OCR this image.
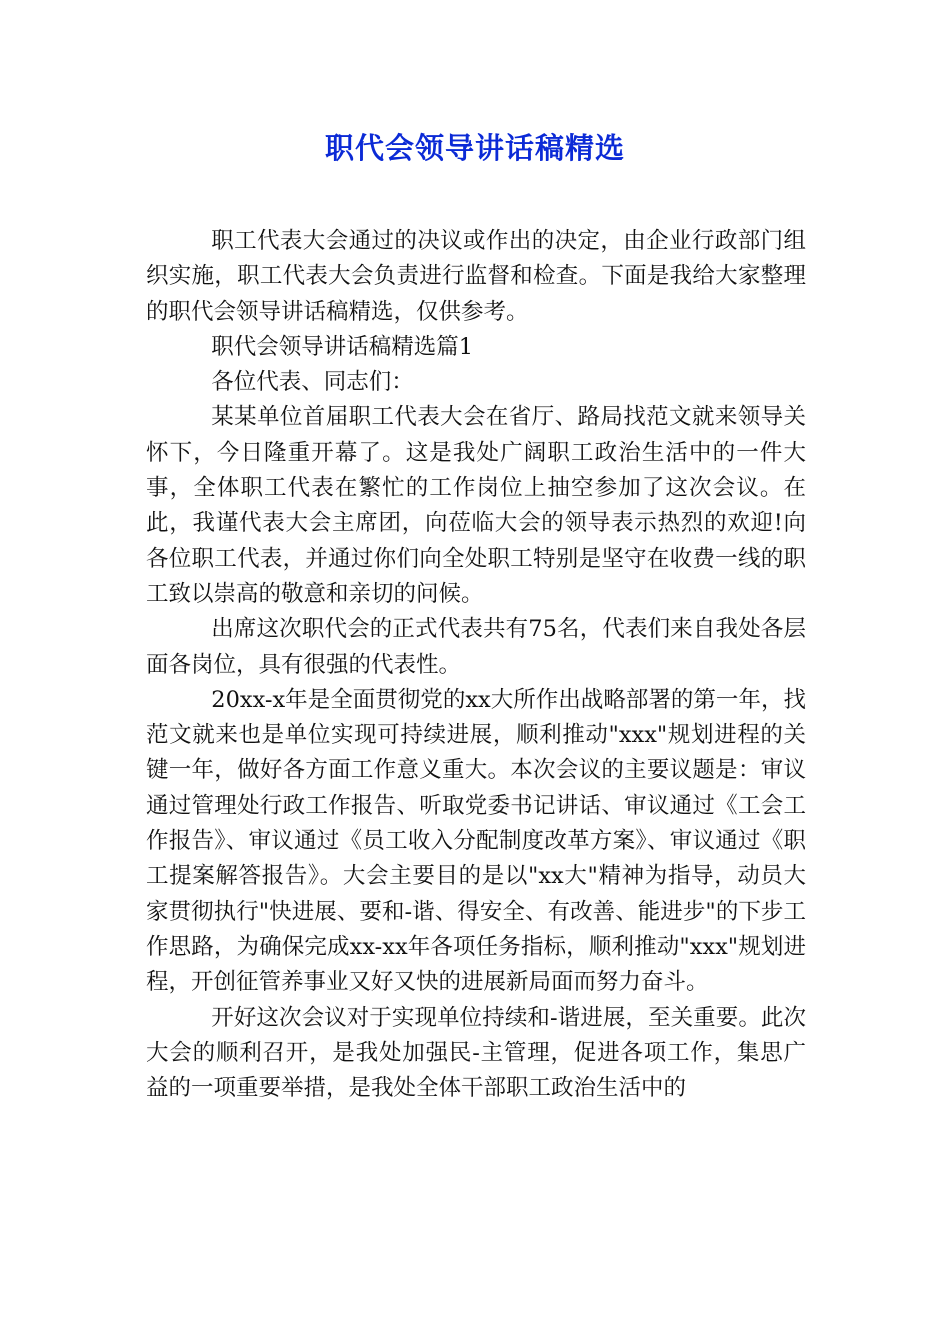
职代会领导讲话稿精选

职工代表大会通过的决议或作出的决定，由企业行政部门组织实施，职工代表大会负责进行监督和检查。下面是我给大家整理的职代会领导讲话稿精选，仅供参考。

职代会领导讲话稿精选篇1

各位代表、同志们：

某某单位首届职工代表大会在省厅、路局找范文就来领导关怀下，今日隆重开幕了。这是我处广阔职工政治生活中的一件大事，全体职工代表在繁忙的工作岗位上抽空参加了这次会议。在此，我谨代表大会主席团，向莅临大会的领导表示热烈的欢迎!向各位职工代表，并通过你们向全处职工特别是坚守在收费一线的职工致以崇高的敬意和亲切的问候。

出席这次职代会的正式代表共有75名，代表们来自我处各层面各岗位，具有很强的代表性。

20xx-x年是全面贯彻党的xx大所作出战略部署的第一年，找范文就来也是单位实现可持续进展，顺利推动"xxx"规划进程的关键一年，做好各方面工作意义重大。本次会议的主要议题是：审议通过管理处行政工作报告、听取党委书记讲话、审议通过《工会工作报告》、审议通过《员工收入分配制度改革方案》、审议通过《职工提案解答报告》。大会主要目的是以"xx大"精神为指导，动员大家贯彻执行"快进展、要和-谐、得安全、有改善、能进步"的下步工作思路，为确保完成xx-xx年各项任务指标，顺利推动"xxx"规划进程，开创征管养事业又好又快的进展新局面而努力奋斗。

开好这次会议对于实现单位持续和-谐进展，至关重要。此次大会的顺利召开，是我处加强民-主管理，促进各项工作，集思广益的一项重要举措，是我处全体干部职工政治生活中的
